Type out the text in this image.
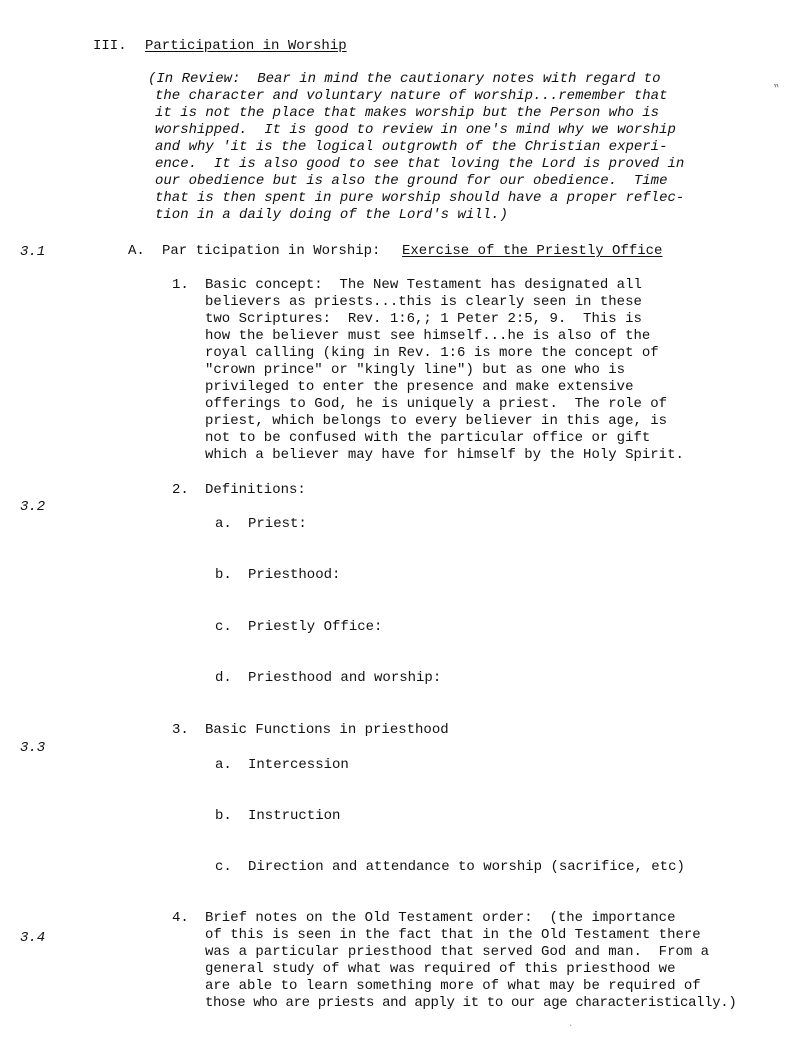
III. Participation in Worship
(In Review:  Bear in mind the cautionary notes with regard to
the character and voluntary nature of worship...remember that
it is not the place that makes worship but the Person who is
worshipped.  It is good to review in one's mind why we worship
and why 'it is the logical outgrowth of the Christian experi-
ence.  It is also good to see that loving the Lord is proved in
our obedience but is also the ground for our obedience.  Time
that is then spent in pure worship should have a proper reflec-
tion in a daily doing of the Lord's will.)
‟
3.1
3.2
3.3
3.4
A. Par ticipation in Worship: Exercise of the Priestly Office
1. Basic concept:  The New Testament has designated all
believers as priests...this is clearly seen in these
two Scriptures:  Rev. 1:6,; 1 Peter 2:5, 9.  This is
how the believer must see himself...he is also of the
royal calling (king in Rev. 1:6 is more the concept of
"crown prince" or "kingly line") but as one who is
privileged to enter the presence and make extensive
offerings to God, he is uniquely a priest.  The role of
priest, which belongs to every believer in this age, is
not to be confused with the particular office or gift
which a believer may have for himself by the Holy Spirit.
2. Definitions:
a. Priest:
b. Priesthood:
c. Priestly Office:
d. Priesthood and worship:
3. Basic Functions in priesthood
a. Intercession
b. Instruction
c. Direction and attendance to worship (sacrifice, etc)
4. Brief notes on the Old Testament order:  (the importance
of this is seen in the fact that in the Old Testament there
was a particular priesthood that served God and man.  From a
general study of what was required of this priesthood we
are able to learn something more of what may be required of
those who are priests and apply it to our age characteristically.)
·
